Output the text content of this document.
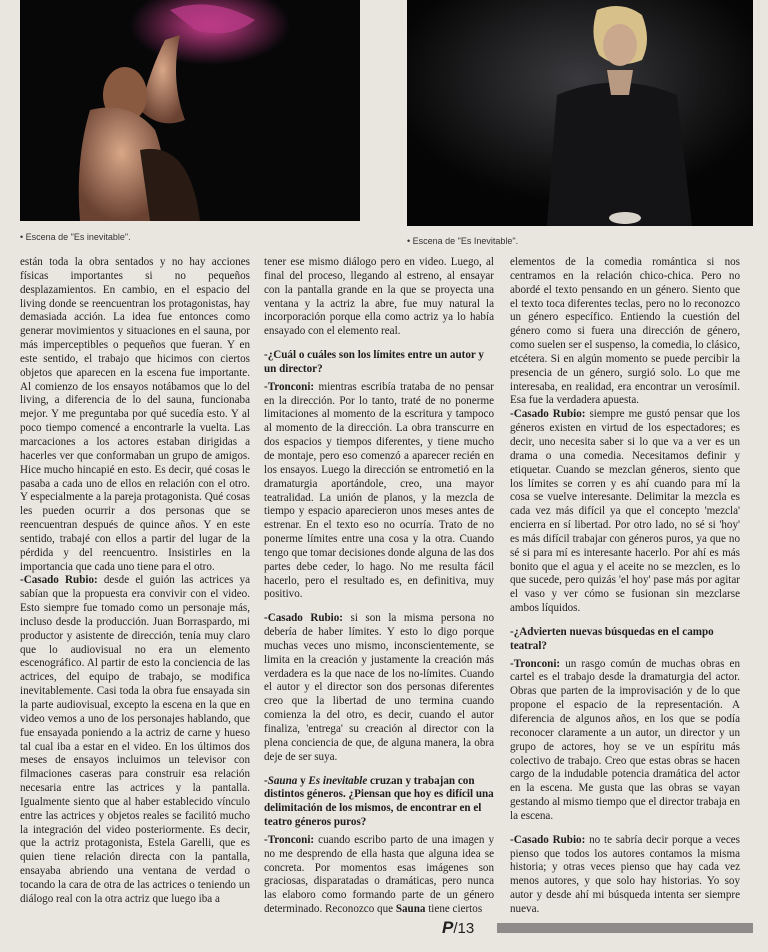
• Escena de "Es inevitable".	• Escena de "Es Inevitable".

están toda la obra sentados y no hay acciones físicas importantes si no pequeños desplazamientos. En cambio, en el espacio del living donde se reencuentran los protagonistas, hay demasiada acción. La idea fue entonces como generar movimientos y situaciones en el sauna, por más imperceptibles o pequeños que fueran. Y en este sentido, el trabajo que hicimos con ciertos objetos que aparecen en la escena fue importante. Al comienzo de los ensayos notábamos que lo del living, a diferencia de lo del sauna, funcionaba mejor. Y me preguntaba por qué sucedía esto. Y al poco tiempo comencé a encontrarle la vuelta. Las marcaciones a los actores estaban dirigidas a hacerles ver que conformaban un grupo de amigos. Hice mucho hincapié en esto. Es decir, qué cosas le pasaba a cada uno de ellos en relación con el otro. Y especialmente a la pareja protagonista. Qué cosas les pueden ocurrir a dos personas que se reencuentran después de quince años. Y en este sentido, trabajé con ellos a partir del lugar de la pérdida y del reencuentro. Insistirles en la importancia que cada uno tiene para el otro.

-Casado Rubio: desde el guión las actrices ya sabían que la propuesta era convivir con el video. Esto siempre fue tomado como un personaje más, incluso desde la producción. Juan Borraspardo, mi productor y asistente de dirección, tenía muy claro que lo audiovisual no era un elemento escenográfico. Al partir de esto la conciencia de las actrices, del equipo de trabajo, se modifica inevitablemente. Casi toda la obra fue ensayada sin la parte audiovisual, excepto la escena en la que en video vemos a uno de los personajes hablando, que fue ensayada poniendo a la actriz de carne y hueso tal cual iba a estar en el video. En los últimos dos meses de ensayos incluimos un televisor con filmaciones caseras para construir esa relación necesaria entre las actrices y la pantalla. Igualmente siento que al haber establecido vínculo entre las actrices y objetos reales se facilitó mucho la integración del video posteriormente. Es decir, que la actriz protagonista, Estela Garelli, que es quien tiene relación directa con la pantalla, ensayaba abriendo una ventana de verdad o tocando la cara de otra de las actrices o teniendo un diálogo real con la otra actriz que luego iba a

tener ese mismo diálogo pero en video. Luego, al final del proceso, llegando al estreno, al ensayar con la pantalla grande en la que se proyecta una ventana y la actriz la abre, fue muy natural la incorporación porque ella como actriz ya lo había ensayado con el elemento real.

-¿Cuál o cuáles son los límites entre un autor y un director?

-Tronconi: mientras escribía trataba de no pensar en la dirección. Por lo tanto, traté de no ponerme limitaciones al momento de la escritura y tampoco al momento de la dirección. La obra transcurre en dos espacios y tiempos diferentes, y tiene mucho de montaje, pero eso comenzó a aparecer recién en los ensayos. Luego la dirección se entrometió en la dramaturgia aportándole, creo, una mayor teatralidad. La unión de planos, y la mezcla de tiempo y espacio aparecieron unos meses antes de estrenar. En el texto eso no ocurría. Trato de no ponerme límites entre una cosa y la otra. Cuando tengo que tomar decisiones donde alguna de las dos partes debe ceder, lo hago. No me resulta fácil hacerlo, pero el resultado es, en definitiva, muy positivo.

-Casado Rubio: si son la misma persona no debería de haber límites. Y esto lo digo porque muchas veces uno mismo, inconscientemente, se limita en la creación y justamente la creación más verdadera es la que nace de los no-límites. Cuando el autor y el director son dos personas diferentes creo que la libertad de uno termina cuando comienza la del otro, es decir, cuando el autor finaliza, 'entrega' su creación al director con la plena conciencia de que, de alguna manera, la obra deje de ser suya.

-Sauna y Es inevitable cruzan y trabajan con distintos géneros. ¿Piensan que hoy es difícil una delimitación de los mismos, de encontrar en el teatro géneros puros?

-Tronconi: cuando escribo parto de una imagen y no me desprendo de ella hasta que alguna idea se concreta. Por momentos esas imágenes son graciosas, disparatadas o dramáticas, pero nunca las elaboro como formando parte de un género determinado. Reconozco que Sauna tiene ciertos

elementos de la comedia romántica si nos centramos en la relación chico-chica. Pero no abordé el texto pensando en un género. Siento que el texto toca diferentes teclas, pero no lo reconozco un género específico. Entiendo la cuestión del género como si fuera una dirección de género, como suelen ser el suspenso, la comedia, lo clásico, etcétera. Si en algún momento se puede percibir la presencia de un género, surgió solo. Lo que me interesaba, en realidad, era encontrar un verosímil. Esa fue la verdadera apuesta.

-Casado Rubio: siempre me gustó pensar que los géneros existen en virtud de los espectadores; es decir, uno necesita saber si lo que va a ver es un drama o una comedia. Necesitamos definir y etiquetar. Cuando se mezclan géneros, siento que los límites se corren y es ahí cuando para mí la cosa se vuelve interesante. Delimitar la mezcla es cada vez más difícil ya que el concepto 'mezcla' encierra en sí libertad. Por otro lado, no sé si 'hoy' es más difícil trabajar con géneros puros, ya que no sé si para mí es interesante hacerlo. Por ahí es más bonito que el agua y el aceite no se mezclen, es lo que sucede, pero quizás 'el hoy' pase más por agitar el vaso y ver cómo se fusionan sin mezclarse ambos líquidos.

-¿Advierten nuevas búsquedas en el campo teatral?

-Tronconi: un rasgo común de muchas obras en cartel es el trabajo desde la dramaturgia del actor. Obras que parten de la improvisación y de lo que propone el espacio de la representación. A diferencia de algunos años, en los que se podía reconocer claramente a un autor, un director y un grupo de actores, hoy se ve un espíritu más colectivo de trabajo. Creo que estas obras se hacen cargo de la indudable potencia dramática del actor en la escena. Me gusta que las obras se vayan gestando al mismo tiempo que el director trabaja en la escena.

-Casado Rubio: no te sabría decir porque a veces pienso que todos los autores contamos la misma historia; y otras veces pienso que hay cada vez menos autores, y que solo hay historias. Yo soy autor y desde ahí mi búsqueda intenta ser siempre nueva.

P/13
